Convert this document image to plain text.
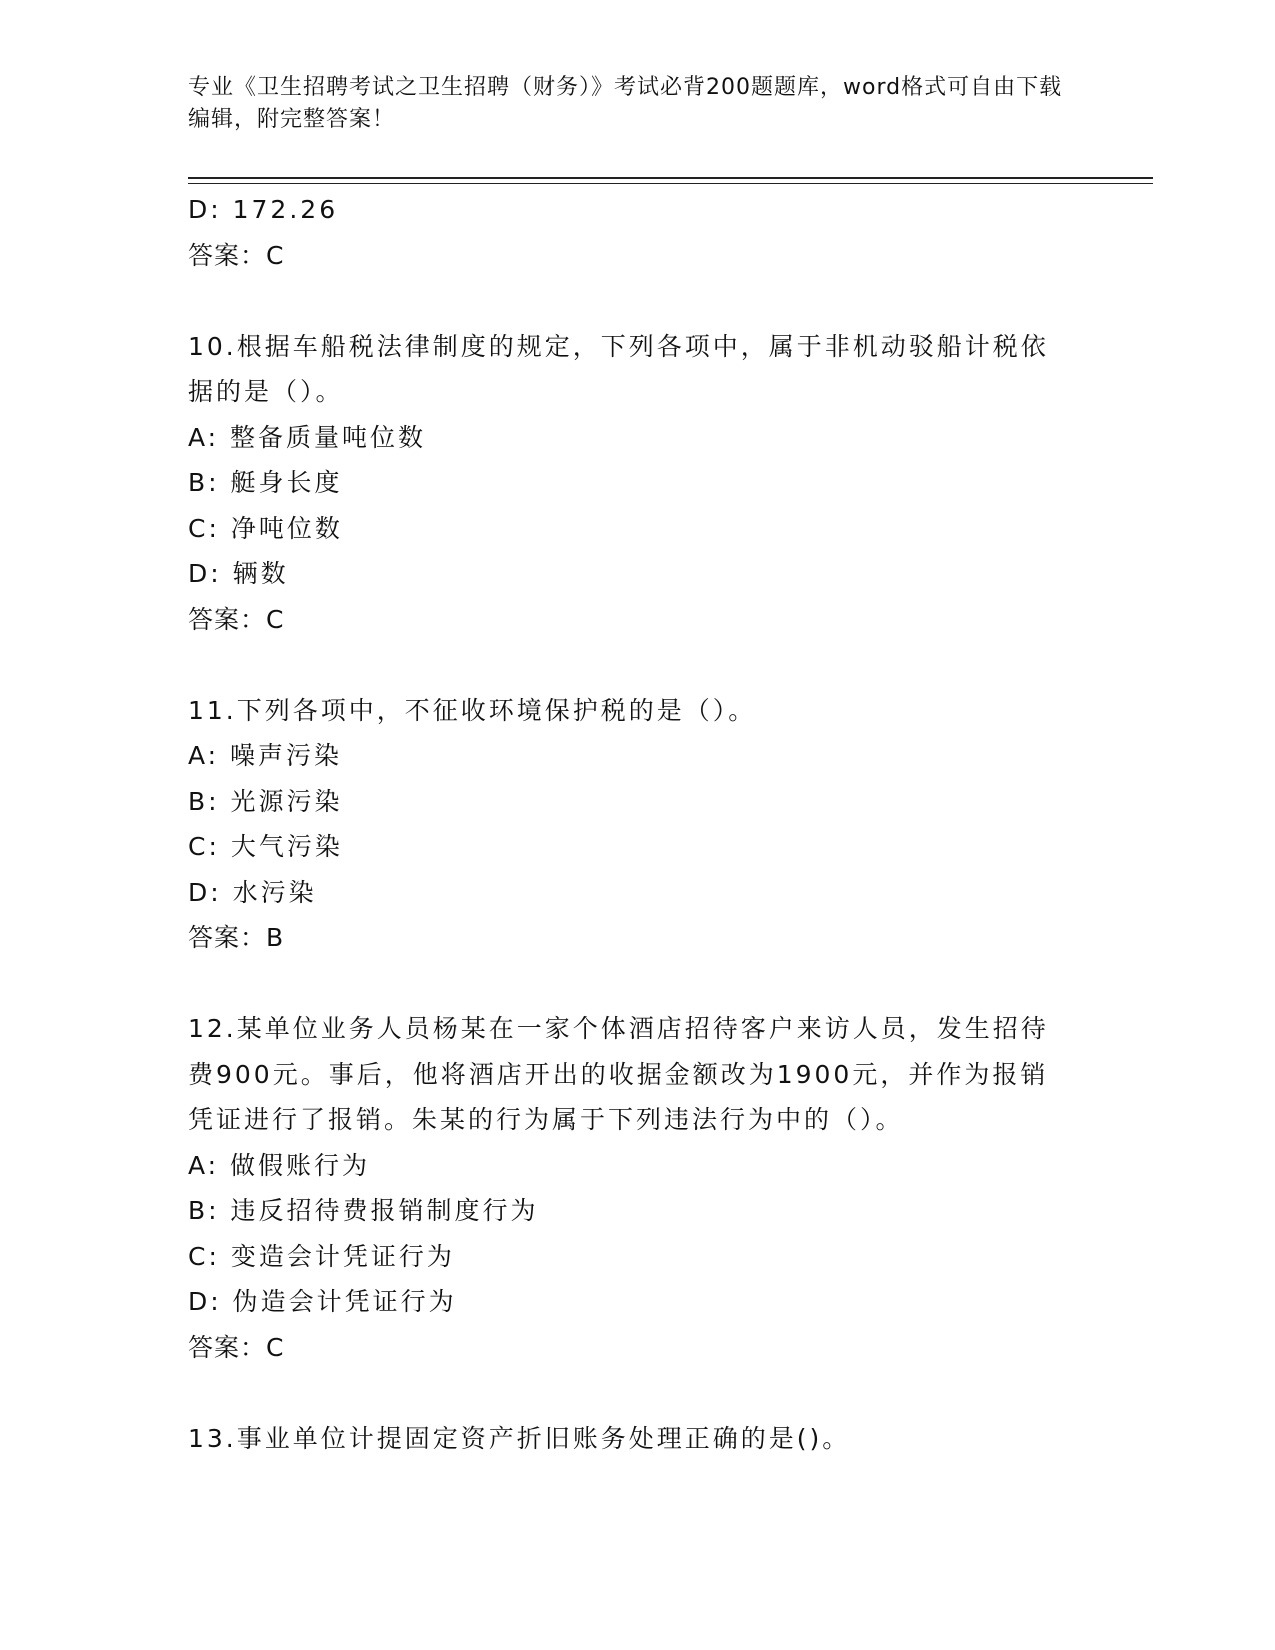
专业《卫生招聘考试之卫生招聘（财务）》考试必背200题题库，word格式可自由下载编辑，附完整答案！

D: 172.26

答案：C

10.根据车船税法律制度的规定，下列各项中，属于非机动驳船计税依

据的是（）。

A: 整备质量吨位数

B: 艇身长度

C: 净吨位数

D: 辆数

答案：C

11.下列各项中，不征收环境保护税的是（）。

A: 噪声污染

B: 光源污染

C: 大气污染

D: 水污染

答案：B

12.某单位业务人员杨某在一家个体酒店招待客户来访人员，发生招待

费900元。事后，他将酒店开出的收据金额改为1900元，并作为报销

凭证进行了报销。朱某的行为属于下列违法行为中的（）。

A: 做假账行为

B: 违反招待费报销制度行为

C: 变造会计凭证行为

D: 伪造会计凭证行为

答案：C

13.事业单位计提固定资产折旧账务处理正确的是()。
